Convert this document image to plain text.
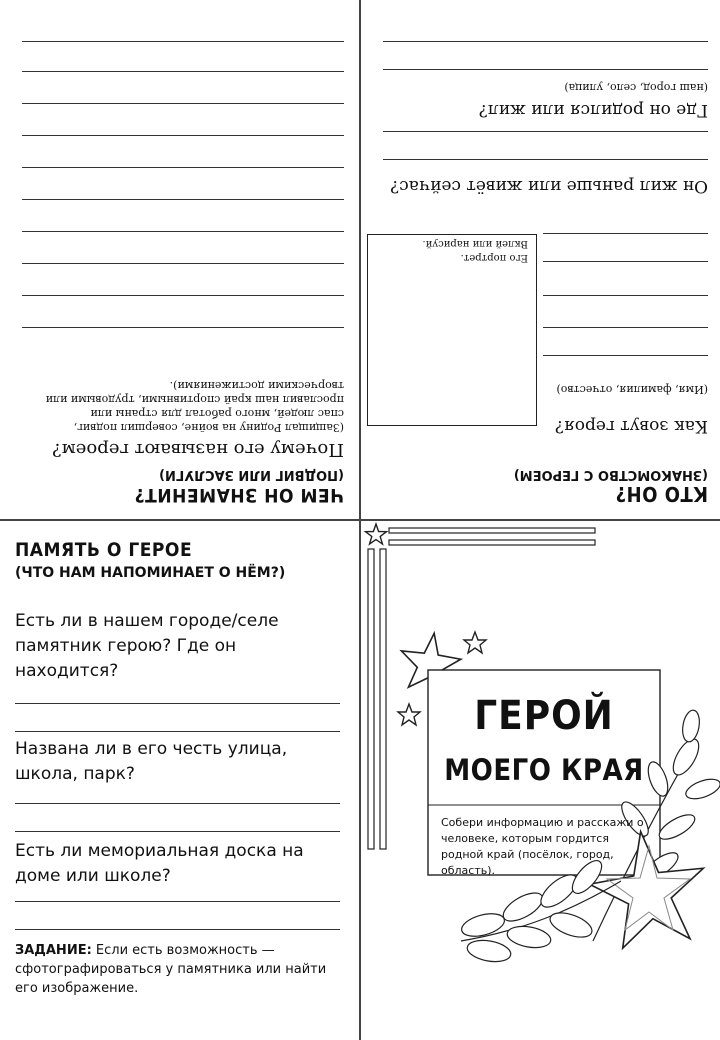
ЧЕМ ОН ЗНАМЕНИТ?
(ПОДВИГ ИЛИ ЗАСЛУГИ)
Почему его называют героем?
(Защищал Родину на войне, совершил подвиг, спас людей, много работал для страны или прославил наш край спортивными, трудовыми или творческими достижениями).
КТО ОН?
(ЗНАКОМСТВО С ГЕРОЕМ)
Как зовут героя?
(Имя, фамилия, отчество)
Его портрет.
Вклей или нарисуй.
Он жил раньше или живёт сейчас?
Где он родился или жил?
(наш город, село, улица)
ПАМЯТЬ О ГЕРОЕ
(ЧТО НАМ НАПОМИНАЕТ О НЁМ?)
Есть ли в нашем городе/селе памятник герою? Где он находится?
Названа ли в его честь улица, школа, парк?
Есть ли мемориальная доска на доме или школе?
ЗАДАНИЕ: Если есть возможность — сфотографироваться у памятника или найти его изображение.
ГЕРОЙ
МОЕГО КРАЯ
Собери информацию и расскажи о человеке, которым гордится родной край (посёлок, город, область).
